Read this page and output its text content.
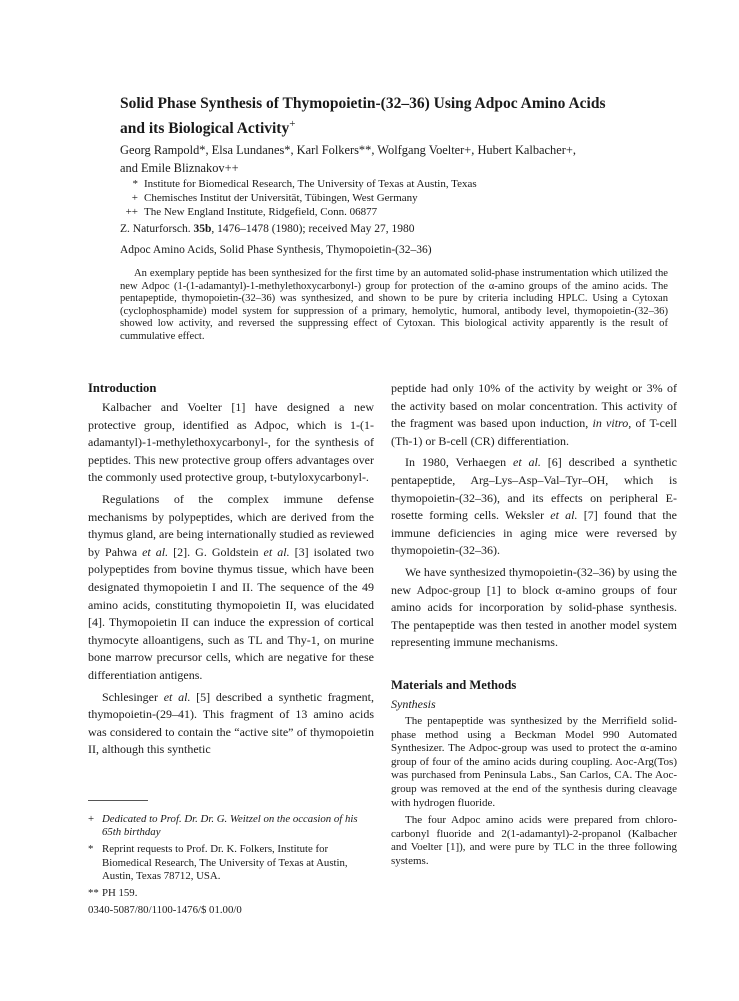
Solid Phase Synthesis of Thymopoietin-(32–36) Using Adpoc Amino Acids
and its Biological Activity+

Georg Rampold*, Elsa Lundanes*, Karl Folkers**, Wolfgang Voelter+, Hubert Kalbacher+,
and Emile Bliznakov++

* Institute for Biomedical Research, The University of Texas at Austin, Texas
+ Chemisches Institut der Universität, Tübingen, West Germany
++ The New England Institute, Ridgefield, Conn. 06877

Z. Naturforsch. 35b, 1476–1478 (1980); received May 27, 1980

Adpoc Amino Acids, Solid Phase Synthesis, Thymopoietin-(32–36)

An exemplary peptide has been synthesized for the first time by an automated solid-phase instrumentation which utilized the new Adpoc (1-(1-adamantyl)-1-methylethoxycarbonyl-) group for protection of the α-amino groups of the amino acids. The pentapeptide, thymopoietin-(32–36) was synthesized, and shown to be pure by criteria including HPLC. Using a Cytoxan (cyclophosphamide) model system for suppression of a primary, hemolytic, humoral, antibody level, thymopoietin-(32–36) showed low activity, and reversed the suppressing effect of Cytoxan. This biological activity apparently is the result of cummulative effect.

Introduction

Kalbacher and Voelter [1] have designed a new protective group, identified as Adpoc, which is 1-(1-adamantyl)-1-methylethoxycarbonyl-, for the synthesis of peptides. This new protective group offers advantages over the commonly used protective group, t-butyloxycarbonyl-.

Regulations of the complex immune defense mechanisms by polypeptides, which are derived from the thymus gland, are being internationally studied as reviewed by Pahwa et al. [2]. G. Goldstein et al. [3] isolated two polypeptides from bovine thymus tissue, which have been designated thymopoietin I and II. The sequence of the 49 amino acids, constituting thymopoietin II, was elucidated [4]. Thymopoietin II can induce the expression of cortical thymocyte alloantigens, such as TL and Thy-1, on murine bone marrow precursor cells, which are negative for these differentiation antigens.

Schlesinger et al. [5] described a synthetic fragment, thymopoietin-(29–41). This fragment of 13 amino acids was considered to contain the “active site” of thymopoietin II, although this synthetic

peptide had only 10% of the activity by weight or 3% of the activity based on molar concentration. This activity of the fragment was based upon induction, in vitro, of T-cell (Th-1) or B-cell (CR) differentiation.

In 1980, Verhaegen et al. [6] described a synthetic pentapeptide, Arg–Lys–Asp–Val–Tyr–OH, which is thymopoietin-(32–36), and its effects on peripheral E-rosette forming cells. Weksler et al. [7] found that the immune deficiencies in aging mice were reversed by thymopoietin-(32–36).

We have synthesized thymopoietin-(32–36) by using the new Adpoc-group [1] to block α-amino groups of four amino acids for incorporation by solid-phase synthesis. The pentapeptide was then tested in another model system representing immune mechanisms.

Materials and Methods
Synthesis

The pentapeptide was synthesized by the Merrifield solid-phase method using a Beckman Model 990 Automated Synthesizer. The Adpoc-group was used to protect the α-amino group of four of the amino acids during coupling. Aoc-Arg(Tos) was purchased from Peninsula Labs., San Carlos, CA. The Aoc-group was removed at the end of the synthesis during cleavage with hydrogen fluoride.

The four Adpoc amino acids were prepared from chloro-carbonyl fluoride and 2(1-adamantyl)-2-propanol (Kalbacher and Voelter [1]), and were pure by TLC in the three following systems.

+ Dedicated to Prof. Dr. Dr. G. Weitzel on the occasion of his 65th birthday
* Reprint requests to Prof. Dr. K. Folkers, Institute for Biomedical Research, The University of Texas at Austin, Austin, Texas 78712, USA.
** PH 159.
0340-5087/80/1100-1476/$ 01.00/0
